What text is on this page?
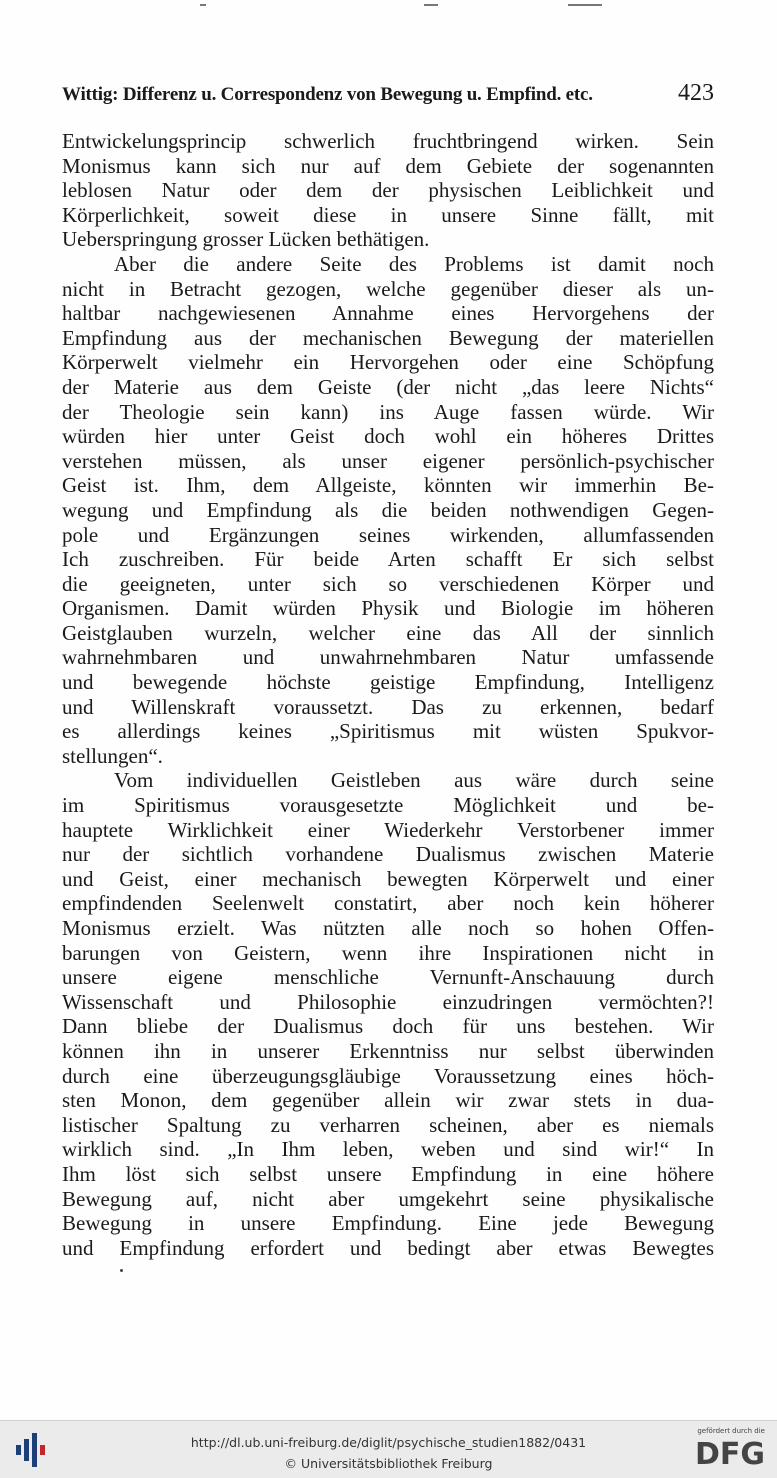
Wittig: Differenz u. Correspondenz von Bewegung u. Empfind. etc.	423
Entwickelungsprincip schwerlich fruchtbringend wirken. Sein
Monismus kann sich nur auf dem Gebiete der sogenannten
leblosen Natur oder dem der physischen Leiblichkeit und
Körperlichkeit, soweit diese in unsere Sinne fällt, mit
Ueberspringung grosser Lücken bethätigen.
Aber die andere Seite des Problems ist damit noch
nicht in Betracht gezogen, welche gegenüber dieser als un-
haltbar nachgewiesenen Annahme eines Hervorgehens der
Empfindung aus der mechanischen Bewegung der materiellen
Körperwelt vielmehr ein Hervorgehen oder eine Schöpfung
der Materie aus dem Geiste (der nicht „das leere Nichts“
der Theologie sein kann) ins Auge fassen würde. Wir
würden hier unter Geist doch wohl ein höheres Drittes
verstehen müssen, als unser eigener persönlich-psychischer
Geist ist. Ihm, dem Allgeiste, könnten wir immerhin Be-
wegung und Empfindung als die beiden nothwendigen Gegen-
pole und Ergänzungen seines wirkenden, allumfassenden
Ich zuschreiben. Für beide Arten schafft Er sich selbst
die geeigneten, unter sich so verschiedenen Körper und
Organismen. Damit würden Physik und Biologie im höheren
Geistglauben wurzeln, welcher eine das All der sinnlich
wahrnehmbaren und unwahrnehmbaren Natur umfassende
und bewegende höchste geistige Empfindung, Intelligenz
und Willenskraft voraussetzt. Das zu erkennen, bedarf
es allerdings keines „Spiritismus mit wüsten Spukvor-
stellungen“.
Vom individuellen Geistleben aus wäre durch seine
im Spiritismus vorausgesetzte Möglichkeit und be-
hauptete Wirklichkeit einer Wiederkehr Verstorbener immer
nur der sichtlich vorhandene Dualismus zwischen Materie
und Geist, einer mechanisch bewegten Körperwelt und einer
empfindenden Seelenwelt constatirt, aber noch kein höherer
Monismus erzielt. Was nützten alle noch so hohen Offen-
barungen von Geistern, wenn ihre Inspirationen nicht in
unsere eigene menschliche Vernunft-Anschauung durch
Wissenschaft und Philosophie einzudringen vermöchten?!
Dann bliebe der Dualismus doch für uns bestehen. Wir
können ihn in unserer Erkenntniss nur selbst überwinden
durch eine überzeugungsgläubige Voraussetzung eines höch-
sten Monon, dem gegenüber allein wir zwar stets in dua-
listischer Spaltung zu verharren scheinen, aber es niemals
wirklich sind. „In Ihm leben, weben und sind wir!“ In
Ihm löst sich selbst unsere Empfindung in eine höhere
Bewegung auf, nicht aber umgekehrt seine physikalische
Bewegung in unsere Empfindung. Eine jede Bewegung
und Empfindung erfordert und bedingt aber etwas Bewegtes
http://dl.ub.uni-freiburg.de/diglit/psychische_studien1882/0431
© Universitätsbibliothek Freiburg
gefördert durch die
DFG
